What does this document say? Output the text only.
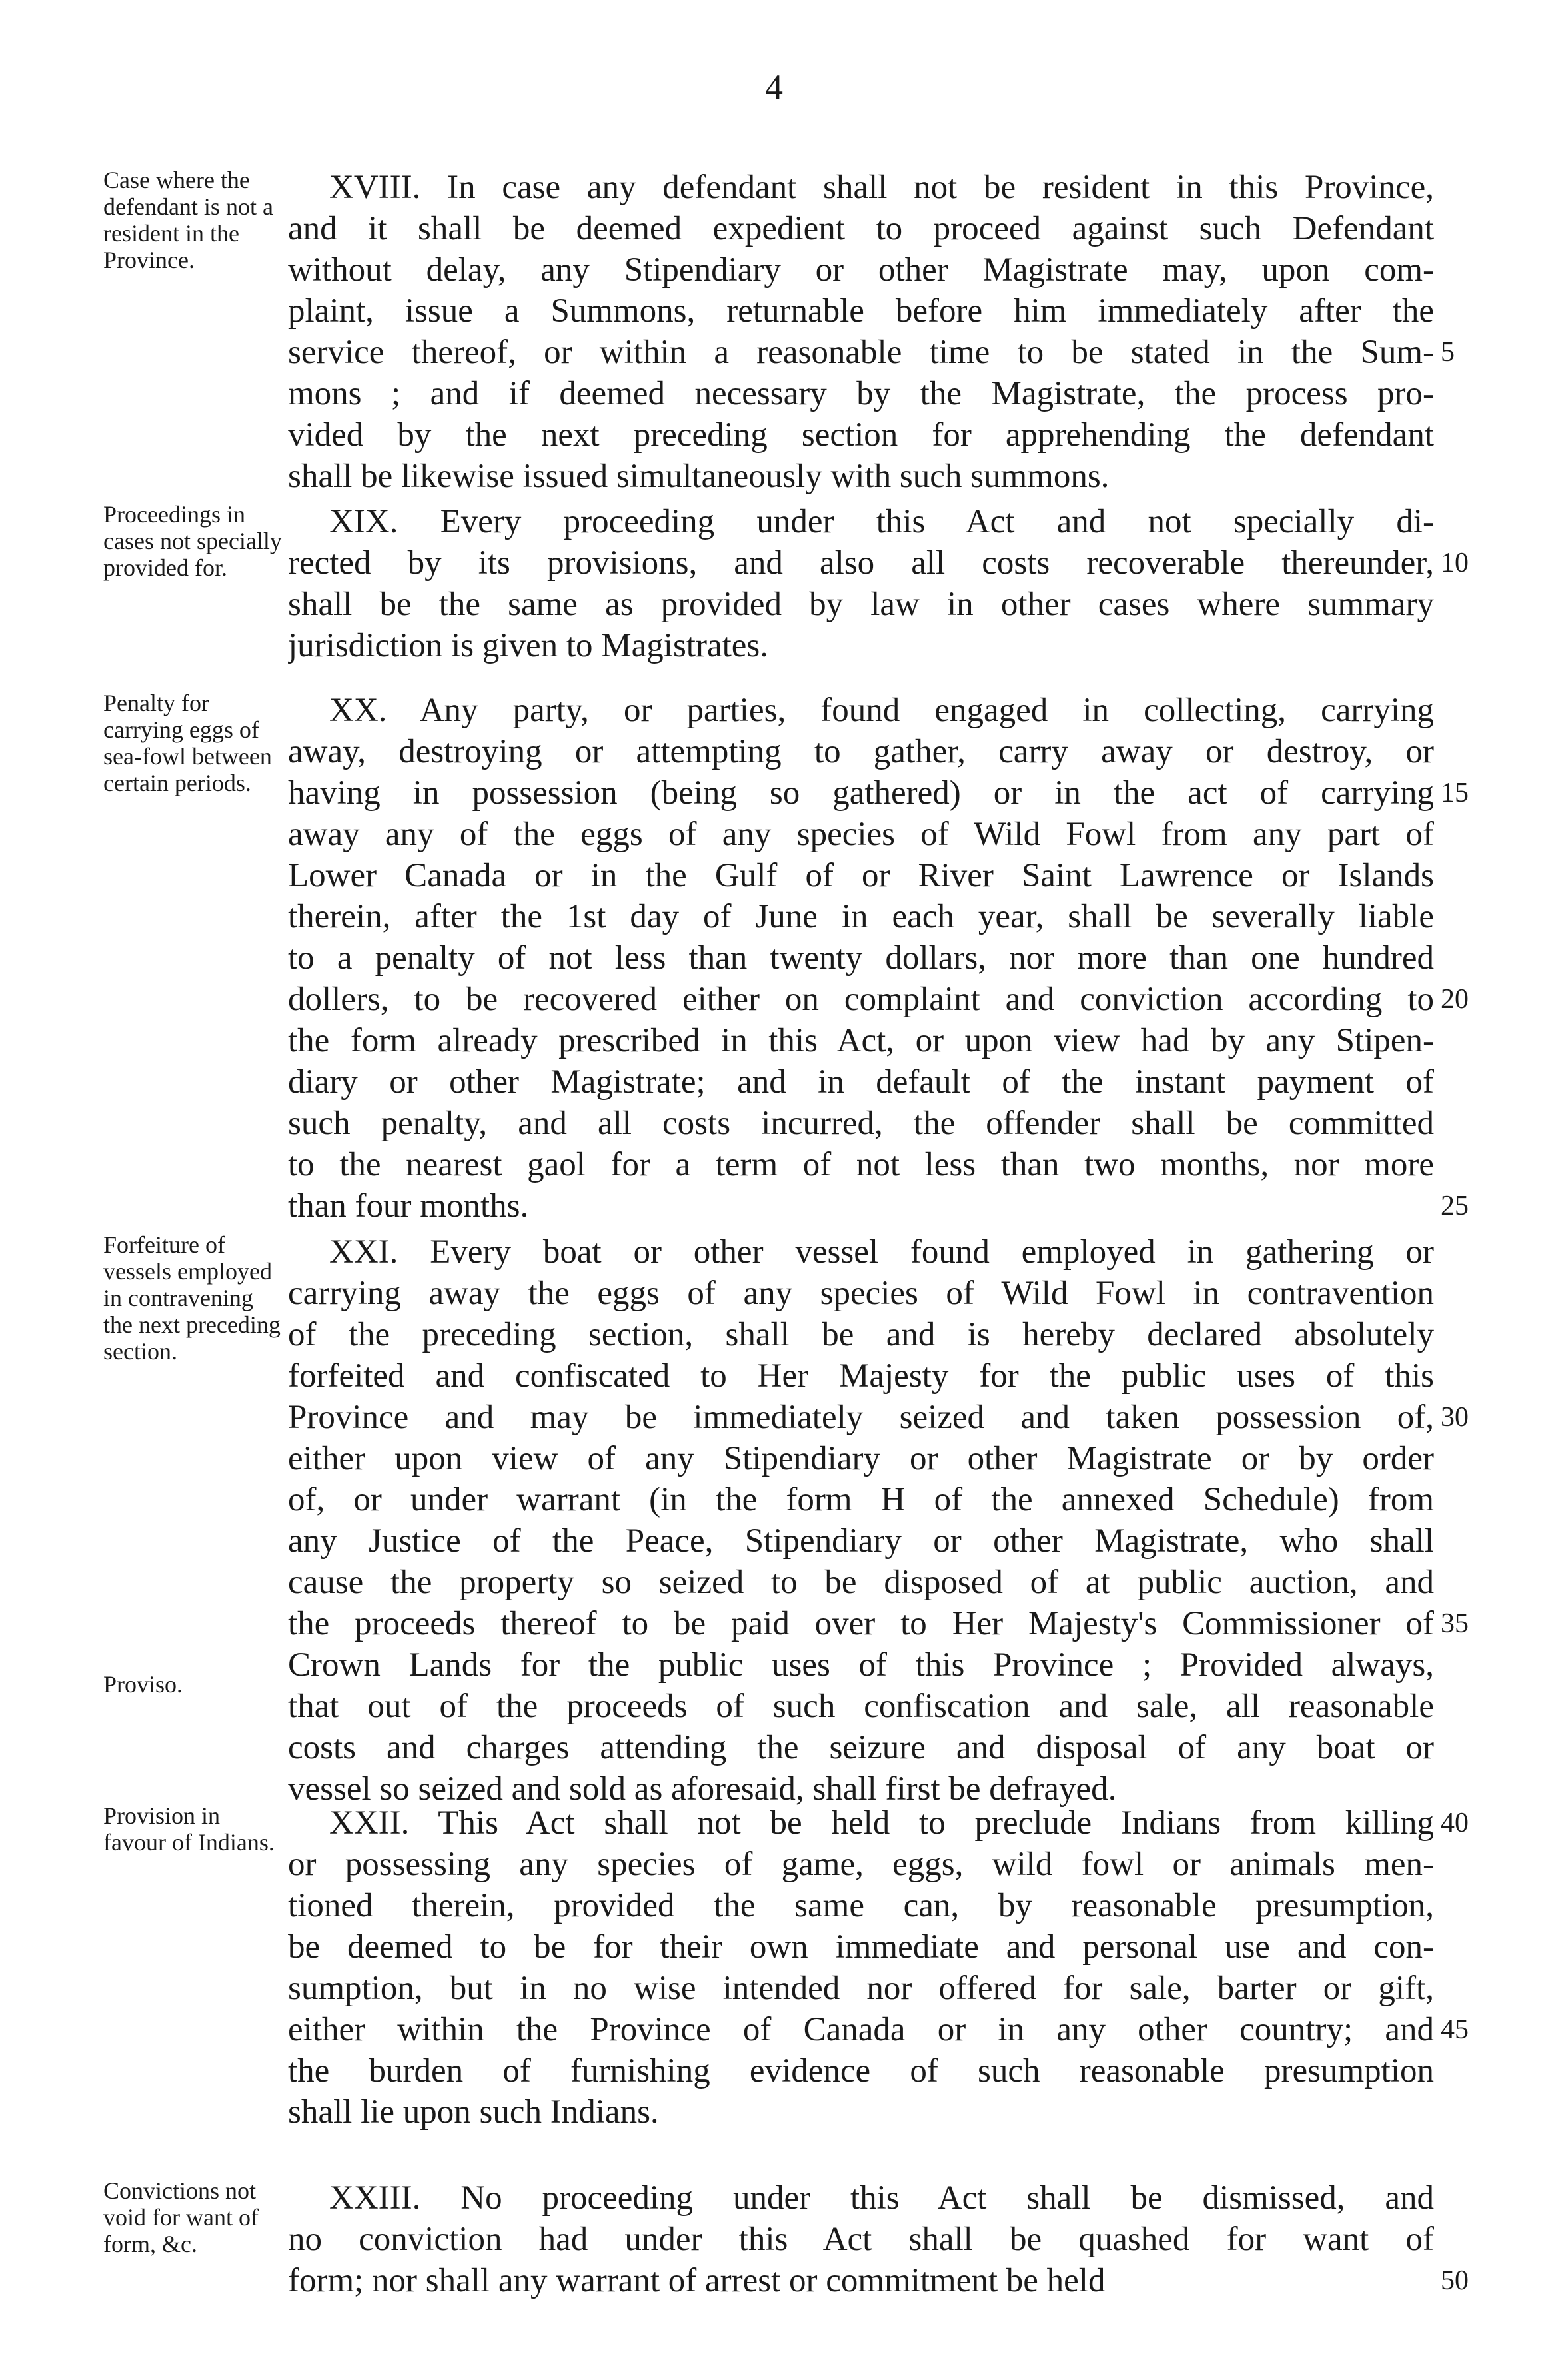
4
Case where the defendant is not a resident in the Province.
XVIII. In case any defendant shall not be resident in this Province,
and it shall be deemed expedient to proceed against such Defendant
without delay, any Stipendiary or other Magistrate may, upon com-
plaint, issue a Summons, returnable before him immediately after the
service thereof, or within a reasonable time to be stated in the Sum- 5
mons ; and if deemed necessary by the Magistrate, the process pro-
vided by the next preceding section for apprehending the defendant
shall be likewise issued simultaneously with such summons.
Proceedings in cases not specially provided for.
XIX. Every proceeding under this Act and not specially di-
rected by its provisions, and also all costs recoverable thereunder, 10
shall be the same as provided by law in other cases where summary
jurisdiction is given to Magistrates.
Penalty for carrying eggs of sea-fowl between certain periods.
XX. Any party, or parties, found engaged in collecting, carrying
away, destroying or attempting to gather, carry away or destroy, or
having in possession (being so gathered) or in the act of carrying 15
away any of the eggs of any species of Wild Fowl from any part of
Lower Canada or in the Gulf of or River Saint Lawrence or Islands
therein, after the 1st day of June in each year, shall be severally liable
to a penalty of not less than twenty dollars, nor more than one hundred
dollers, to be recovered either on complaint and conviction according to 20
the form already prescribed in this Act, or upon view had by any Stipen-
diary or other Magistrate; and in default of the instant payment of
such penalty, and all costs incurred, the offender shall be committed
to the nearest gaol for a term of not less than two months, nor more
than four months.	25
Forfeiture of vessels employed in contravening the next preceding section.
Proviso.
XXI. Every boat or other vessel found employed in gathering or
carrying away the eggs of any species of Wild Fowl in contravention
of the preceding section, shall be and is hereby declared absolutely
forfeited and confiscated to Her Majesty for the public uses of this
Province and may be immediately seized and taken possession of, 30
either upon view of any Stipendiary or other Magistrate or by order
of, or under warrant (in the form H of the annexed Schedule) from
any Justice of the Peace, Stipendiary or other Magistrate, who shall
cause the property so seized to be disposed of at public auction, and
the proceeds thereof to be paid over to Her Majesty's Commissioner of 35
Crown Lands for the public uses of this Province ; Provided always,
that out of the proceeds of such confiscation and sale, all reasonable
costs and charges attending the seizure and disposal of any boat or
vessel so seized and sold as aforesaid, shall first be defrayed.
Provision in favour of Indians.
XXII. This Act shall not be held to preclude Indians from killing 40
or possessing any species of game, eggs, wild fowl or animals men-
tioned therein, provided the same can, by reasonable presumption,
be deemed to be for their own immediate and personal use and con-
sumption, but in no wise intended nor offered for sale, barter or gift,
either within the Province of Canada or in any other country; and 45
the burden of furnishing evidence of such reasonable presumption
shall lie upon such Indians.
Convictions not void for want of form, &c.
XXIII. No proceeding under this Act shall be dismissed, and
no conviction had under this Act shall be quashed for want of
form; nor shall any warrant of arrest or commitment be held	50
